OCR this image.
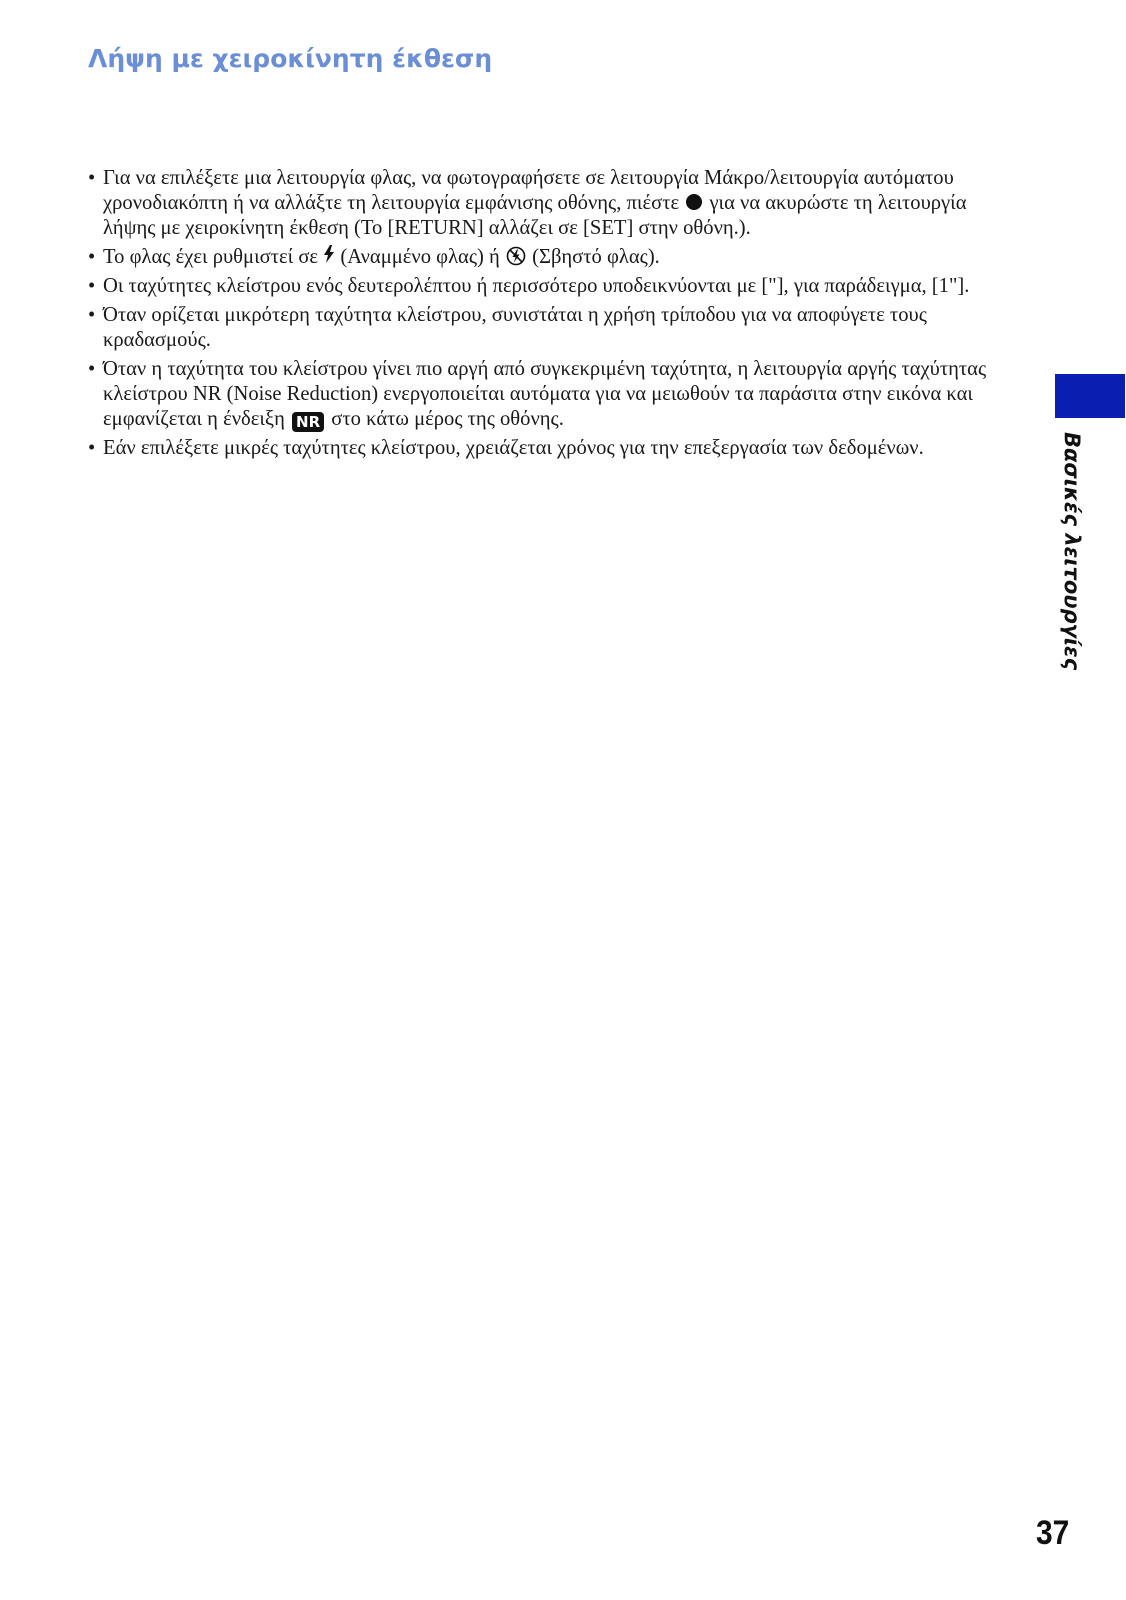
Λήψη με χειροκίνητη έκθεση
• Για να επιλέξετε μια λειτουργία φλας, να φωτογραφήσετε σε λειτουργία Μάκρο/λειτουργία αυτόματου χρονοδιακόπτη ή να αλλάξτε τη λειτουργία εμφάνισης οθόνης, πιέστε για να ακυρώστε τη λειτουργία λήψης με χειροκίνητη έκθεση (Το [RETURN] αλλάζει σε [SET] στην οθόνη.).
• Το φλας έχει ρυθμιστεί σε (Αναμμένο φλας) ή (Σβηστό φλας).
• Οι ταχύτητες κλείστρου ενός δευτερολέπτου ή περισσότερο υποδεικνύονται με ["], για παράδειγμα, [1"].
• Όταν ορίζεται μικρότερη ταχύτητα κλείστρου, συνιστάται η χρήση τρίποδου για να αποφύγετε τους κραδασμούς.
• Όταν η ταχύτητα του κλείστρου γίνει πιο αργή από συγκεκριμένη ταχύτητα, η λειτουργία αργής ταχύτητας κλείστρου NR (Noise Reduction) ενεργοποιείται αυτόματα για να μειωθούν τα παράσιτα στην εικόνα και εμφανίζεται η ένδειξη NR στο κάτω μέρος της οθόνης.
• Εάν επιλέξετε μικρές ταχύτητες κλείστρου, χρειάζεται χρόνος για την επεξεργασία των δεδομένων.	Βασικές λειτουργίες
37
